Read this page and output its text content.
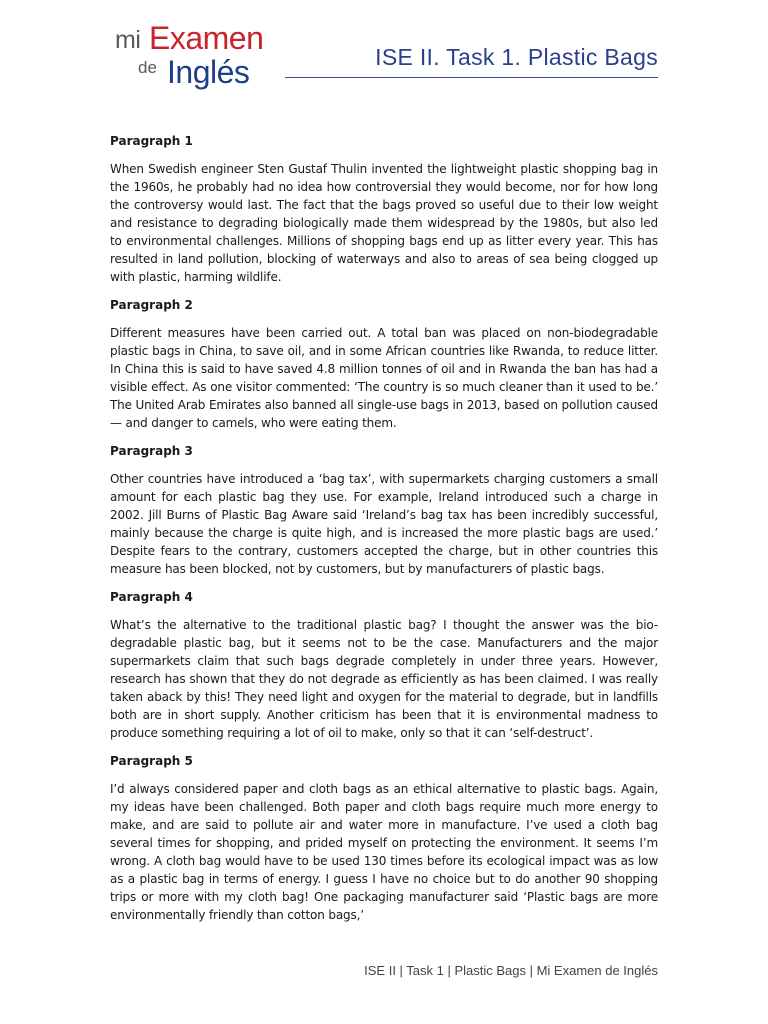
mi Examen
de Inglés	ISE II. Task 1. Plastic Bags

Paragraph 1

When Swedish engineer Sten Gustaf Thulin invented the lightweight plastic shopping bag in the 1960s, he probably had no idea how controversial they would become, nor for how long the controversy would last. The fact that the bags proved so useful due to their low weight and resistance to degrading biologically made them widespread by the 1980s, but also led to environmental challenges. Millions of shopping bags end up as litter every year. This has resulted in land pollution, blocking of waterways and also to areas of sea being clogged up with plastic, harming wildlife.

Paragraph 2

Different measures have been carried out. A total ban was placed on non-biodegradable plastic bags in China, to save oil, and in some African countries like Rwanda, to reduce litter. In China this is said to have saved 4.8 million tonnes of oil and in Rwanda the ban has had a visible effect. As one visitor commented: ‘The country is so much cleaner than it used to be.’ The United Arab Emirates also banned all single-use bags in 2013, based on pollution caused — and danger to camels, who were eating them.

Paragraph 3

Other countries have introduced a ‘bag tax’, with supermarkets charging customers a small amount for each plastic bag they use. For example, Ireland introduced such a charge in 2002. Jill Burns of Plastic Bag Aware said ‘Ireland’s bag tax has been incredibly successful, mainly because the charge is quite high, and is increased the more plastic bags are used.’ Despite fears to the contrary, customers accepted the charge, but in other countries this measure has been blocked, not by customers, but by manufacturers of plastic bags.

Paragraph 4

What’s the alternative to the traditional plastic bag? I thought the answer was the bio-degradable plastic bag, but it seems not to be the case. Manufacturers and the major supermarkets claim that such bags degrade completely in under three years. However, research has shown that they do not degrade as efficiently as has been claimed. I was really taken aback by this! They need light and oxygen for the material to degrade, but in landfills both are in short supply. Another criticism has been that it is environmental madness to produce something requiring a lot of oil to make, only so that it can ‘self-destruct’.

Paragraph 5

I’d always considered paper and cloth bags as an ethical alternative to plastic bags. Again, my ideas have been challenged. Both paper and cloth bags require much more energy to make, and are said to pollute air and water more in manufacture. I’ve used a cloth bag several times for shopping, and prided myself on protecting the environment. It seems I’m wrong. A cloth bag would have to be used 130 times before its ecological impact was as low as a plastic bag in terms of energy. I guess I have no choice but to do another 90 shopping trips or more with my cloth bag! One packaging manufacturer said ‘Plastic bags are more environmentally friendly than cotton bags,’

ISE II | Task 1 | Plastic Bags | Mi Examen de Inglés
